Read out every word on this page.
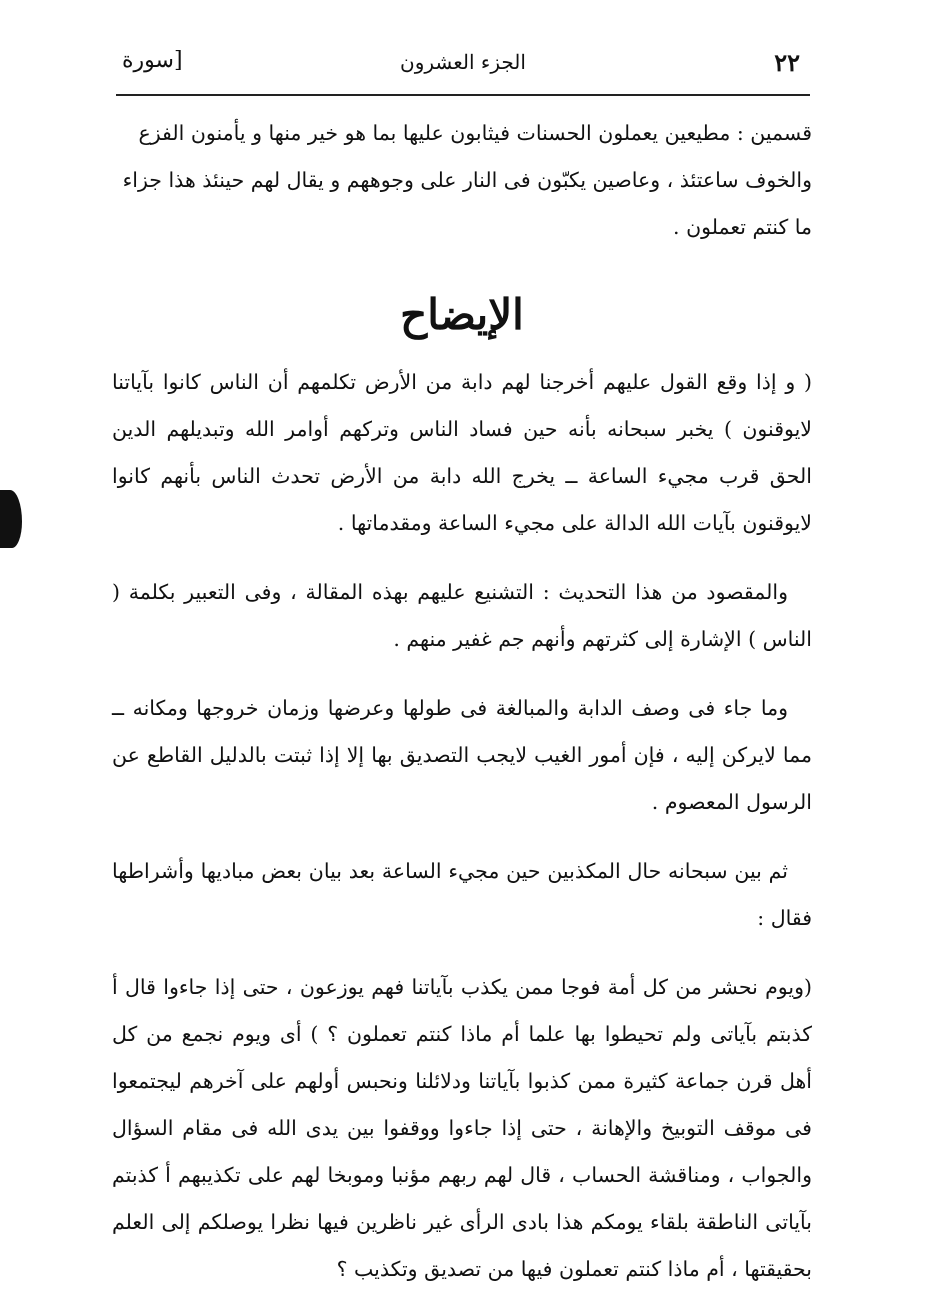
٢٢
الجزء العشرون
[سورة

قسمين : مطيعين يعملون الحسنات فيثابون عليها بما هو خير منها و يأمنون الفزع

والخوف ساعتئذ ، وعاصين يكبّون فى النار على وجوههم و يقال لهم حينئذ هذا جزاء

ما كنتم تعملون .

الإيضاح

( و إذا وقع القول عليهم أخرجنا لهم دابة من الأرض تكلمهم أن الناس كانوا بآياتنا لايوقنون ) يخبر سبحانه بأنه حين فساد الناس وتركهم أوامر الله وتبديلهم الدين الحق قرب مجيء الساعة ــ يخرج الله دابة من الأرض تحدث الناس بأنهم كانوا لايوقنون بآيات الله الدالة على مجيء الساعة ومقدماتها .

والمقصود من هذا التحديث : التشنيع عليهم بهذه المقالة ، وفى التعبير بكلمة ( الناس ) الإشارة إلى كثرتهم وأنهم جم غفير منهم .

وما جاء فى وصف الدابة والمبالغة فى طولها وعرضها وزمان خروجها ومكانه ــ مما لايركن إليه ، فإن أمور الغيب لايجب التصديق بها إلا إذا ثبتت بالدليل القاطع عن الرسول المعصوم .

ثم بين سبحانه حال المكذبين حين مجيء الساعة بعد بيان بعض مباديها وأشراطها فقال :

(ويوم نحشر من كل أمة فوجا ممن يكذب بآياتنا فهم يوزعون ، حتى إذا جاءوا قال أ كذبتم بآياتى ولم تحيطوا بها علما أم ماذا كنتم تعملون ؟ ) أى ويوم نجمع من كل أهل قرن جماعة كثيرة ممن كذبوا بآياتنا ودلائلنا ونحبس أولهم على آخرهم ليجتمعوا فى موقف التوبيخ والإهانة ، حتى إذا جاءوا ووقفوا بين يدى الله فى مقام السؤال والجواب ، ومناقشة الحساب ، قال لهم ربهم مؤنبا وموبخا لهم على تكذيبهم أ كذبتم بآياتى الناطقة بلقاء يومكم هذا بادى الرأى غير ناظرين فيها نظرا يوصلكم إلى العلم بحقيقتها ، أم ماذا كنتم تعملون فيها من تصديق وتكذيب ؟
